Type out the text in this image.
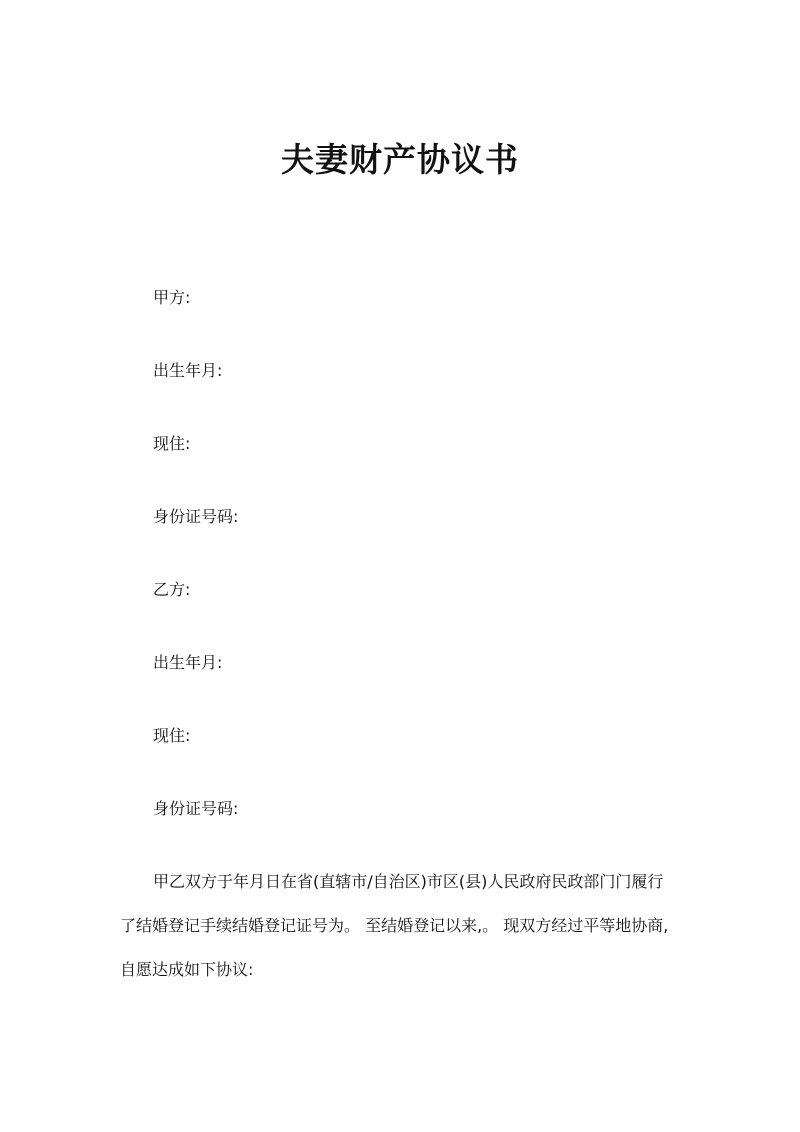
夫妻财产协议书
甲方:
出生年月:
现住:
身份证号码:
乙方:
出生年月:
现住:
身份证号码:
甲乙双方于年月日在省(直辖市/自治区)市区(县)人民政府民政部门门履行
了结婚登记手续结婚登记证号为。 至结婚登记以来,。 现双方经过平等地协商,
自愿达成如下协议:
